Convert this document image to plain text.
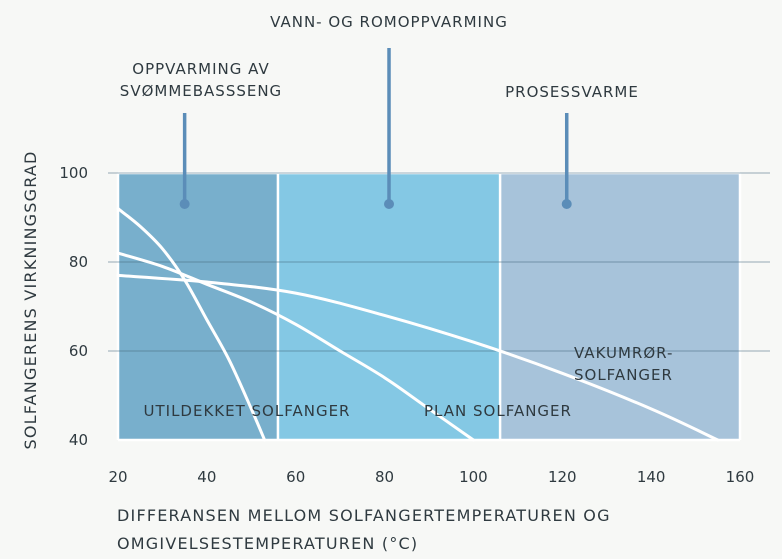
40
60
80
100
20	40	60	80	100	120	140	160
OPPVARMING AV SVØMMEBASSSENG
VANN- OG ROMOPPVARMING
PROSESSVARME
UTILDEKKET SOLFANGER	PLAN SOLFANGER
VAKUMRØR-SOLFANGER
DIFFERANSEN MELLOM SOLFANGERTEMPERATUREN OG OMGIVELSESTEMPERATUREN (°C)
SOLFANGERENS VIRKNINGSGRAD
